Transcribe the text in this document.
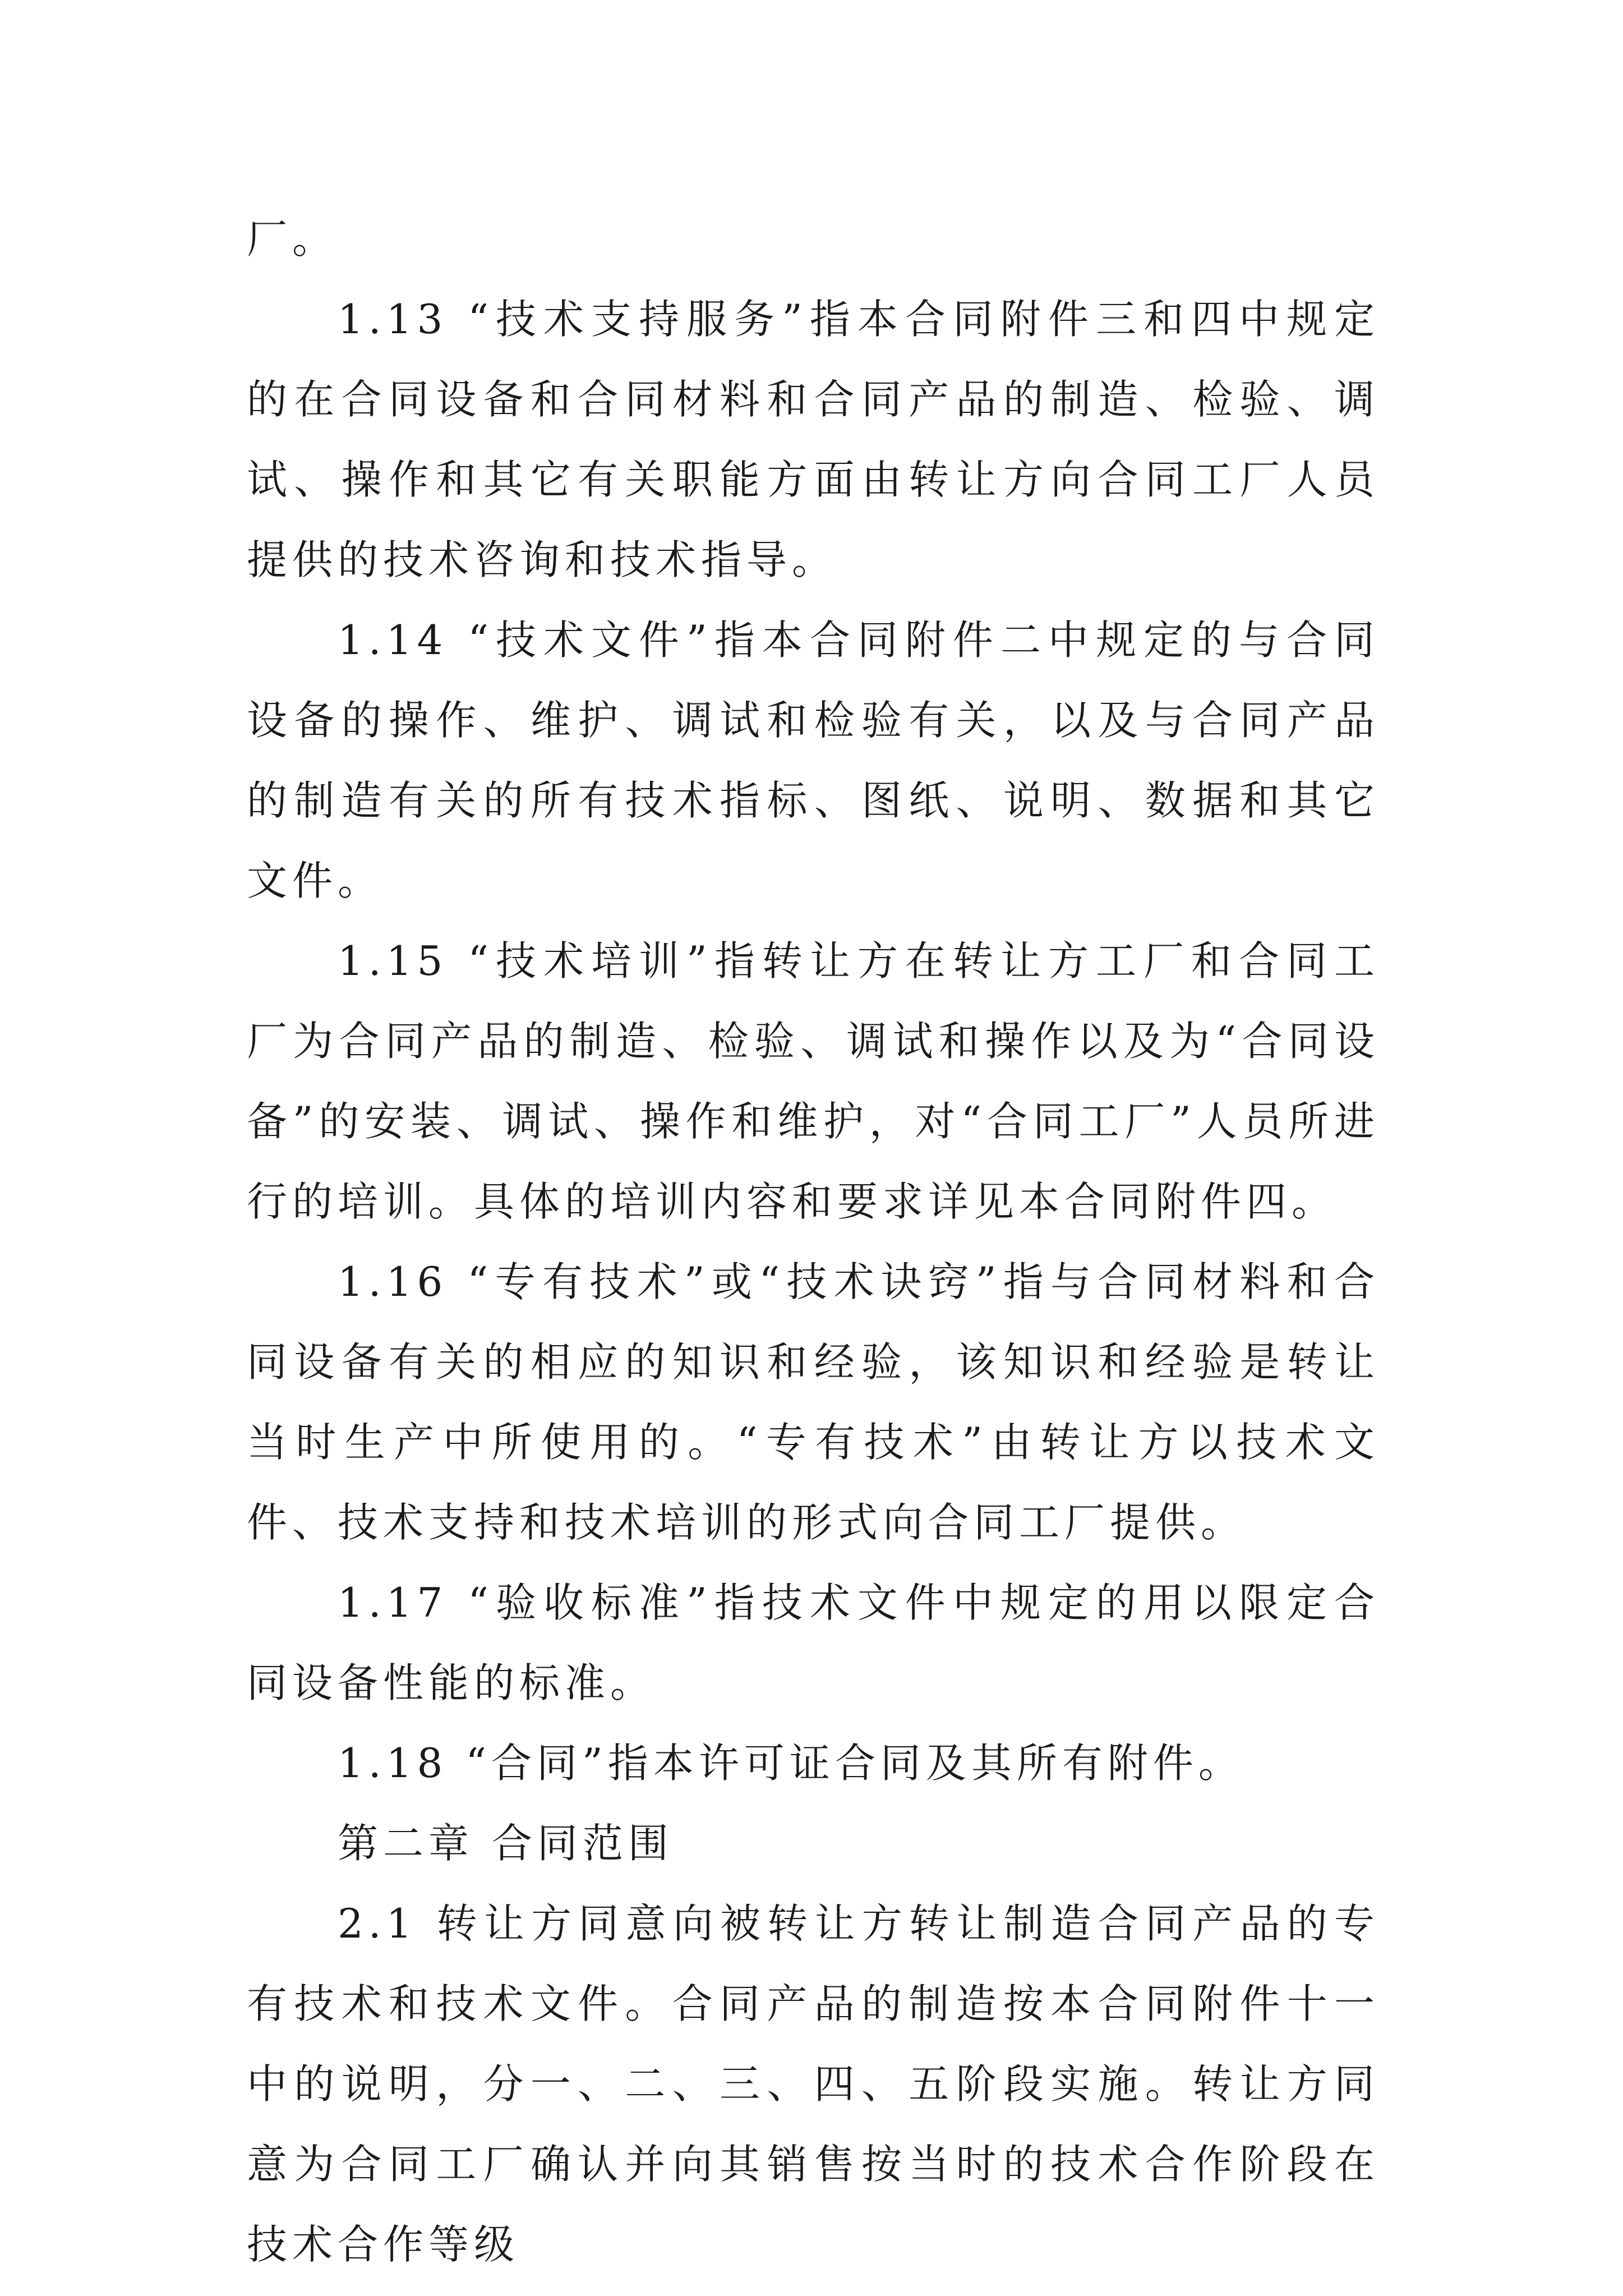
厂。

1.13 “技术支持服务”指本合同附件三和四中规定的在合同设备和合同材料和合同产品的制造、检验、调试、操作和其它有关职能方面由转让方向合同工厂人员提供的技术咨询和技术指导。

1.14 “技术文件”指本合同附件二中规定的与合同设备的操作、维护、调试和检验有关，以及与合同产品的制造有关的所有技术指标、图纸、说明、数据和其它文件。

1.15 “技术培训”指转让方在转让方工厂和合同工厂为合同产品的制造、检验、调试和操作以及为“合同设备”的安装、调试、操作和维护，对“合同工厂”人员所进行的培训。具体的培训内容和要求详见本合同附件四。

1.16 “专有技术”或“技术诀窍”指与合同材料和合同设备有关的相应的知识和经验，该知识和经验是转让当时生产中所使用的。“专有技术”由转让方以技术文件、技术支持和技术培训的形式向合同工厂提供。

1.17 “验收标准”指技术文件中规定的用以限定合同设备性能的标准。

1.18 “合同”指本许可证合同及其所有附件。

第二章 合同范围

2.1 转让方同意向被转让方转让制造合同产品的专有技术和技术文件。合同产品的制造按本合同附件十一中的说明，分一、二、三、四、五阶段实施。转让方同意为合同工厂确认并向其销售按当时的技术合作阶段在技术合作等级
